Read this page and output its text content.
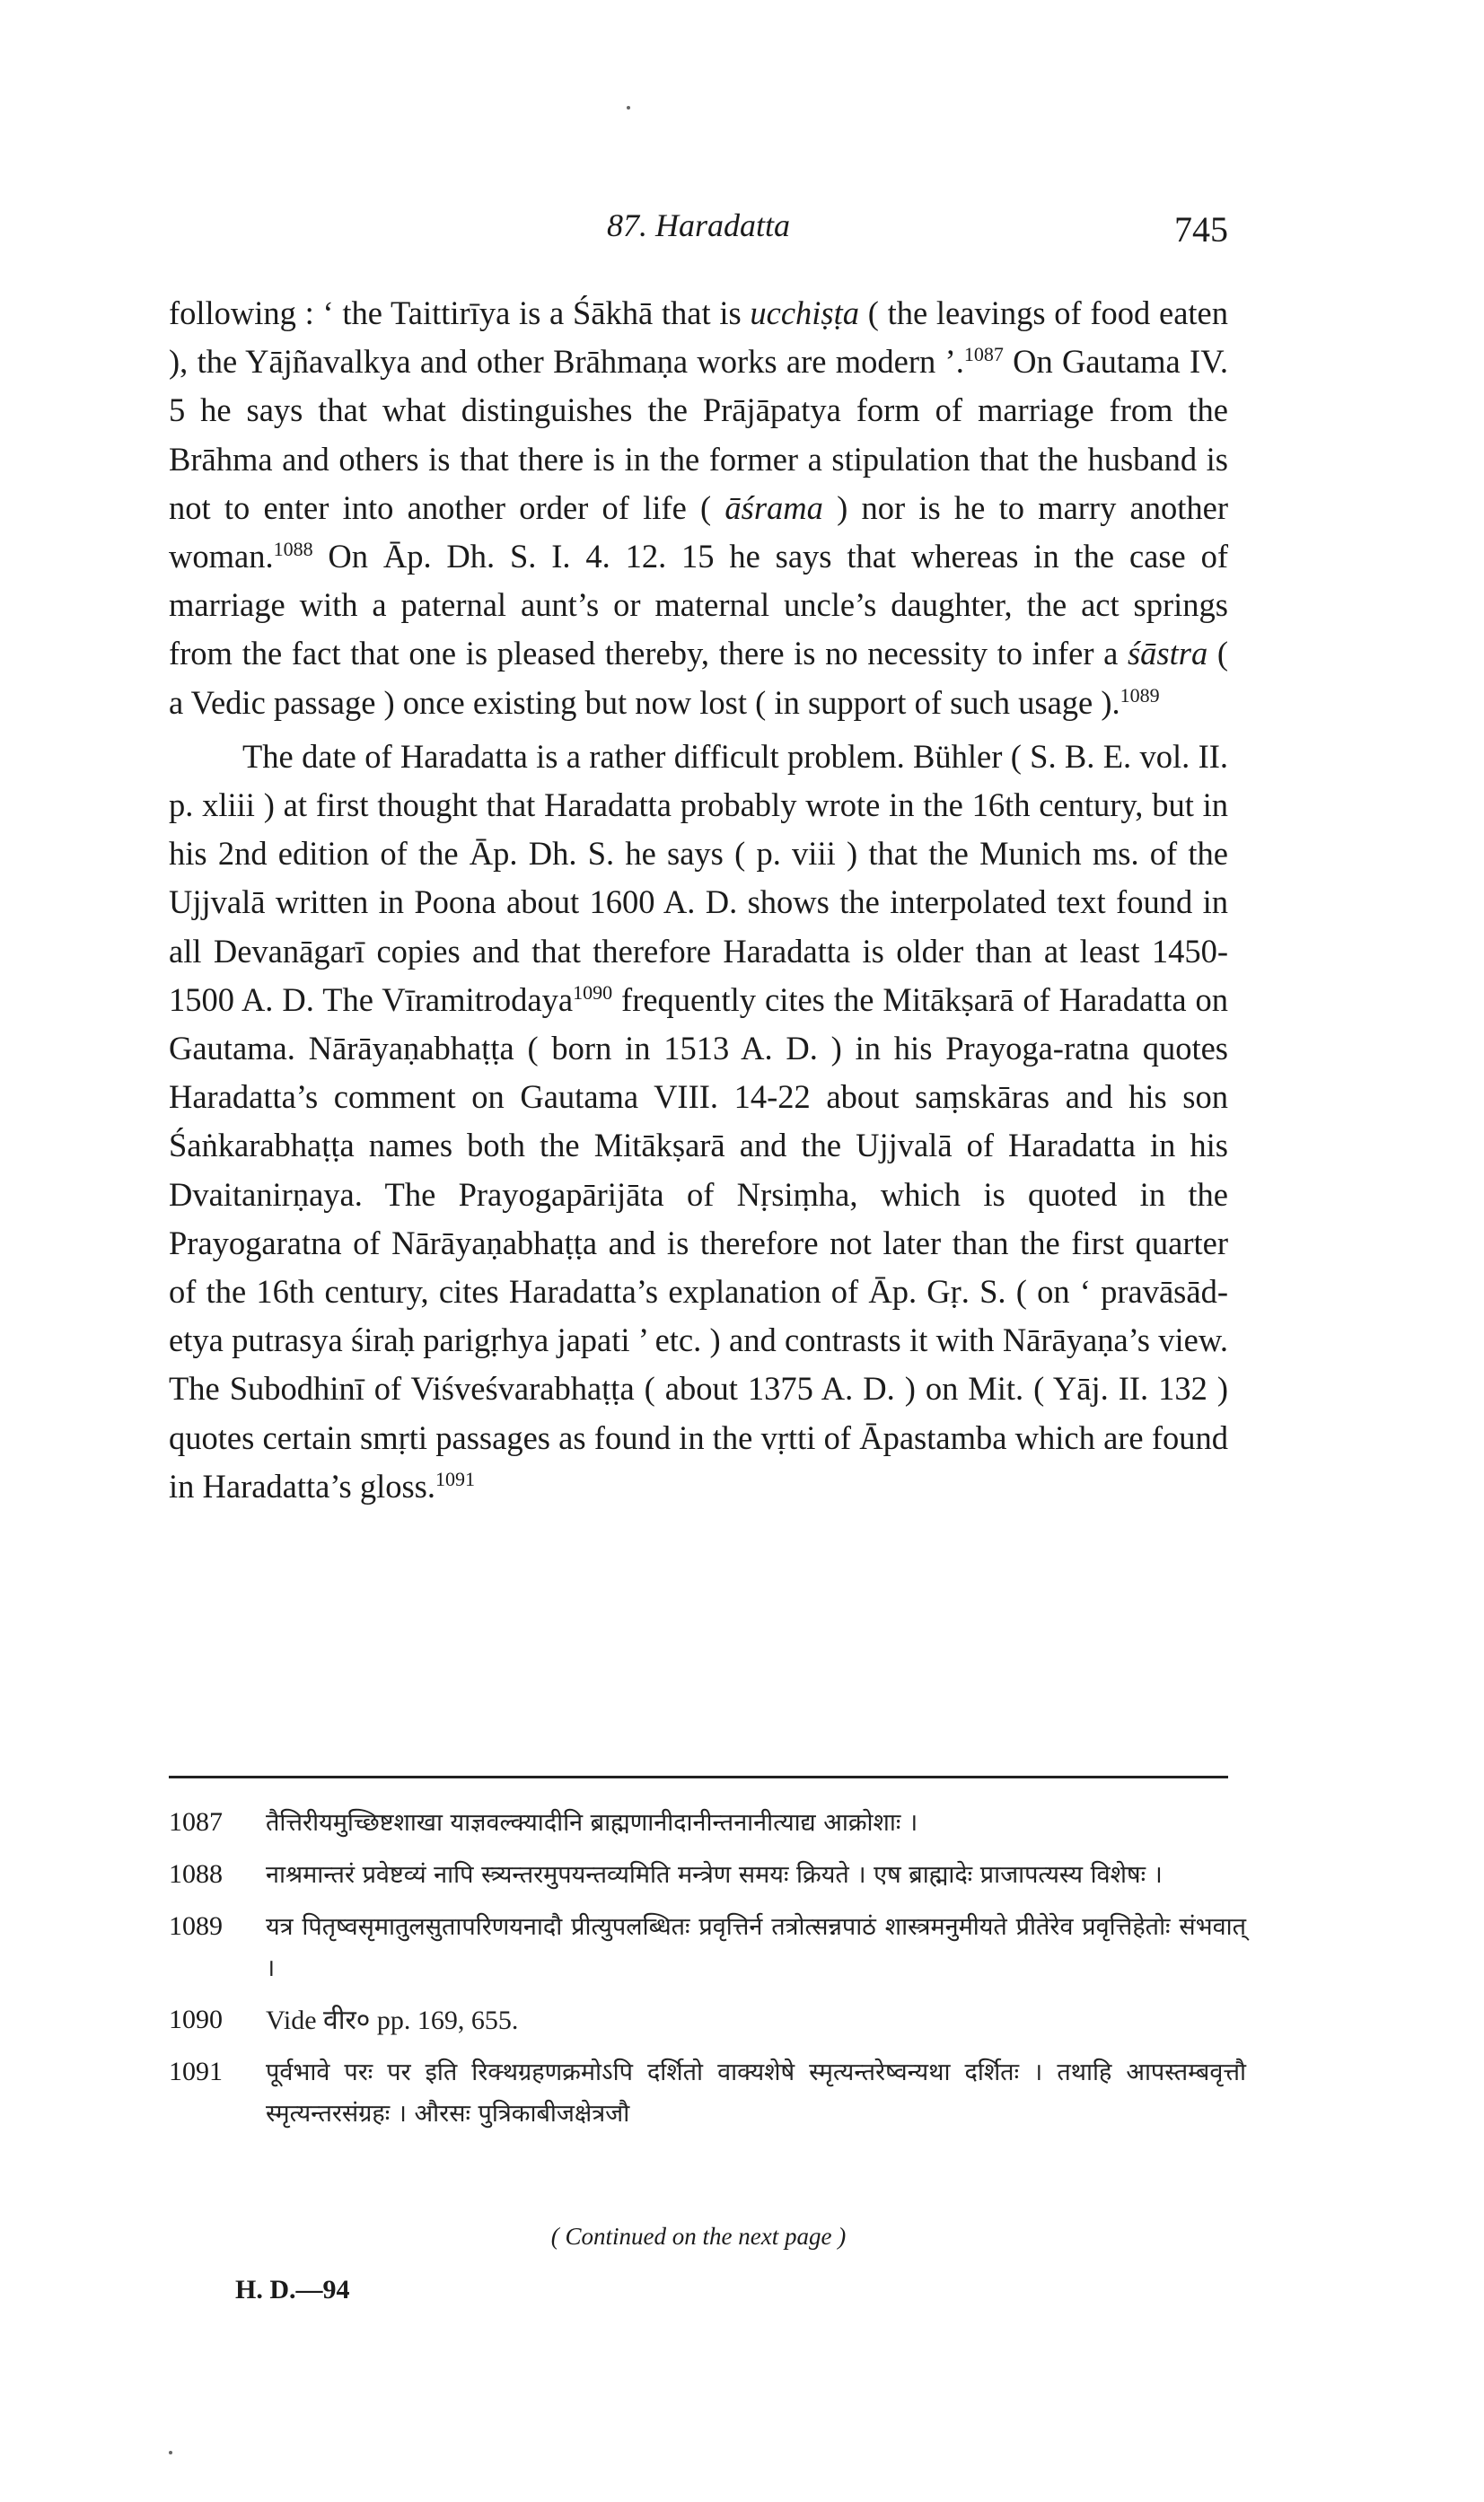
87. Haradatta	745

following : ‘ the Taittirīya is a Śākhā that is ucchiṣṭa ( the leavings of food eaten ), the Yājñavalkya and other Brāhmaṇa works are modern ’.$^{1087}$ On Gautama IV. 5 he says that what distinguishes the Prājāpatya form of marriage from the Brāhma and others is that there is in the former a stipulation that the husband is not to enter into another order of life ( āśrama ) nor is he to marry another woman.$^{1088}$ On Āp. Dh. S. I. 4. 12. 15 he says that whereas in the case of marriage with a paternal aunt’s or maternal uncle’s daughter, the act springs from the fact that one is pleased thereby, there is no necessity to infer a śāstra ( a Vedic passage ) once existing but now lost ( in support of such usage ).$^{1089}$

The date of Haradatta is a rather difficult problem. Bühler ( S. B. E. vol. II. p. xliii ) at first thought that Haradatta probably wrote in the 16th century, but in his 2nd edition of the Āp. Dh. S. he says ( p. viii ) that the Munich ms. of the Ujjvalā written in Poona about 1600 A. D. shows the interpolated text found in all Devanāgarī copies and that therefore Haradatta is older than at least 1450-1500 A. D. The Vīramitrodaya$^{1090}$ frequently cites the Mitākṣarā of Haradatta on Gautama. Nārāyaṇabhaṭṭa ( born in 1513 A. D. ) in his Prayoga-ratna quotes Haradatta’s comment on Gautama VIII. 14-22 about saṃskāras and his son Śaṅkarabhaṭṭa names both the Mitākṣarā and the Ujjvalā of Haradatta in his Dvaitanirṇaya. The Prayogapārijāta of Nṛsiṃha, which is quoted in the Prayogaratna of Nārāyaṇabhaṭṭa and is therefore not later than the first quarter of the 16th century, cites Haradatta’s explanation of Āp. Gṛ. S. ( on ‘ pravāsād-etya putrasya śiraḥ parigṛhya japati ’ etc. ) and contrasts it with Nārāyaṇa’s view. The Subodhinī of Viśveśvarabhaṭṭa ( about 1375 A. D. ) on Mit. ( Yāj. II. 132 ) quotes certain smṛti passages as found in the vṛtti of Āpastamba which are found in Haradatta’s gloss.$^{1091}$

1087	तैत्तिरीयमुच्छिष्टशाखा याज्ञवल्क्यादीनि ब्राह्मणानीदानीन्तनानीत्याद्य आक्रोशाः ।
1088	नाश्रमान्तरं प्रवेष्टव्यं नापि स्त्र्यन्तरमुपयन्तव्यमिति मन्त्रेण समयः क्रियते । एष ब्राह्मादेः प्राजापत्यस्य विशेषः ।
1089	यत्र पितृष्वसृमातुलसुतापरिणयनादौ प्रीत्युपलब्धितः प्रवृत्तिर्न तत्रोत्सन्नपाठं शास्त्रमनुमीयते प्रीतेरेव प्रवृत्तिहेतोः संभवात् ।
1090	Vide वीर० pp. 169, 655.
1091	पूर्वभावे परः पर इति रिक्थग्रहणक्रमोऽपि दर्शितो वाक्यशेषे स्मृत्यन्तरेष्वन्यथा दर्शितः । तथाहि आपस्तम्बवृत्तौ स्मृत्यन्तरसंग्रहः । औरसः पुत्रिकाबीजक्षेत्रजौ
( Continued on the next page )
H. D.—94
